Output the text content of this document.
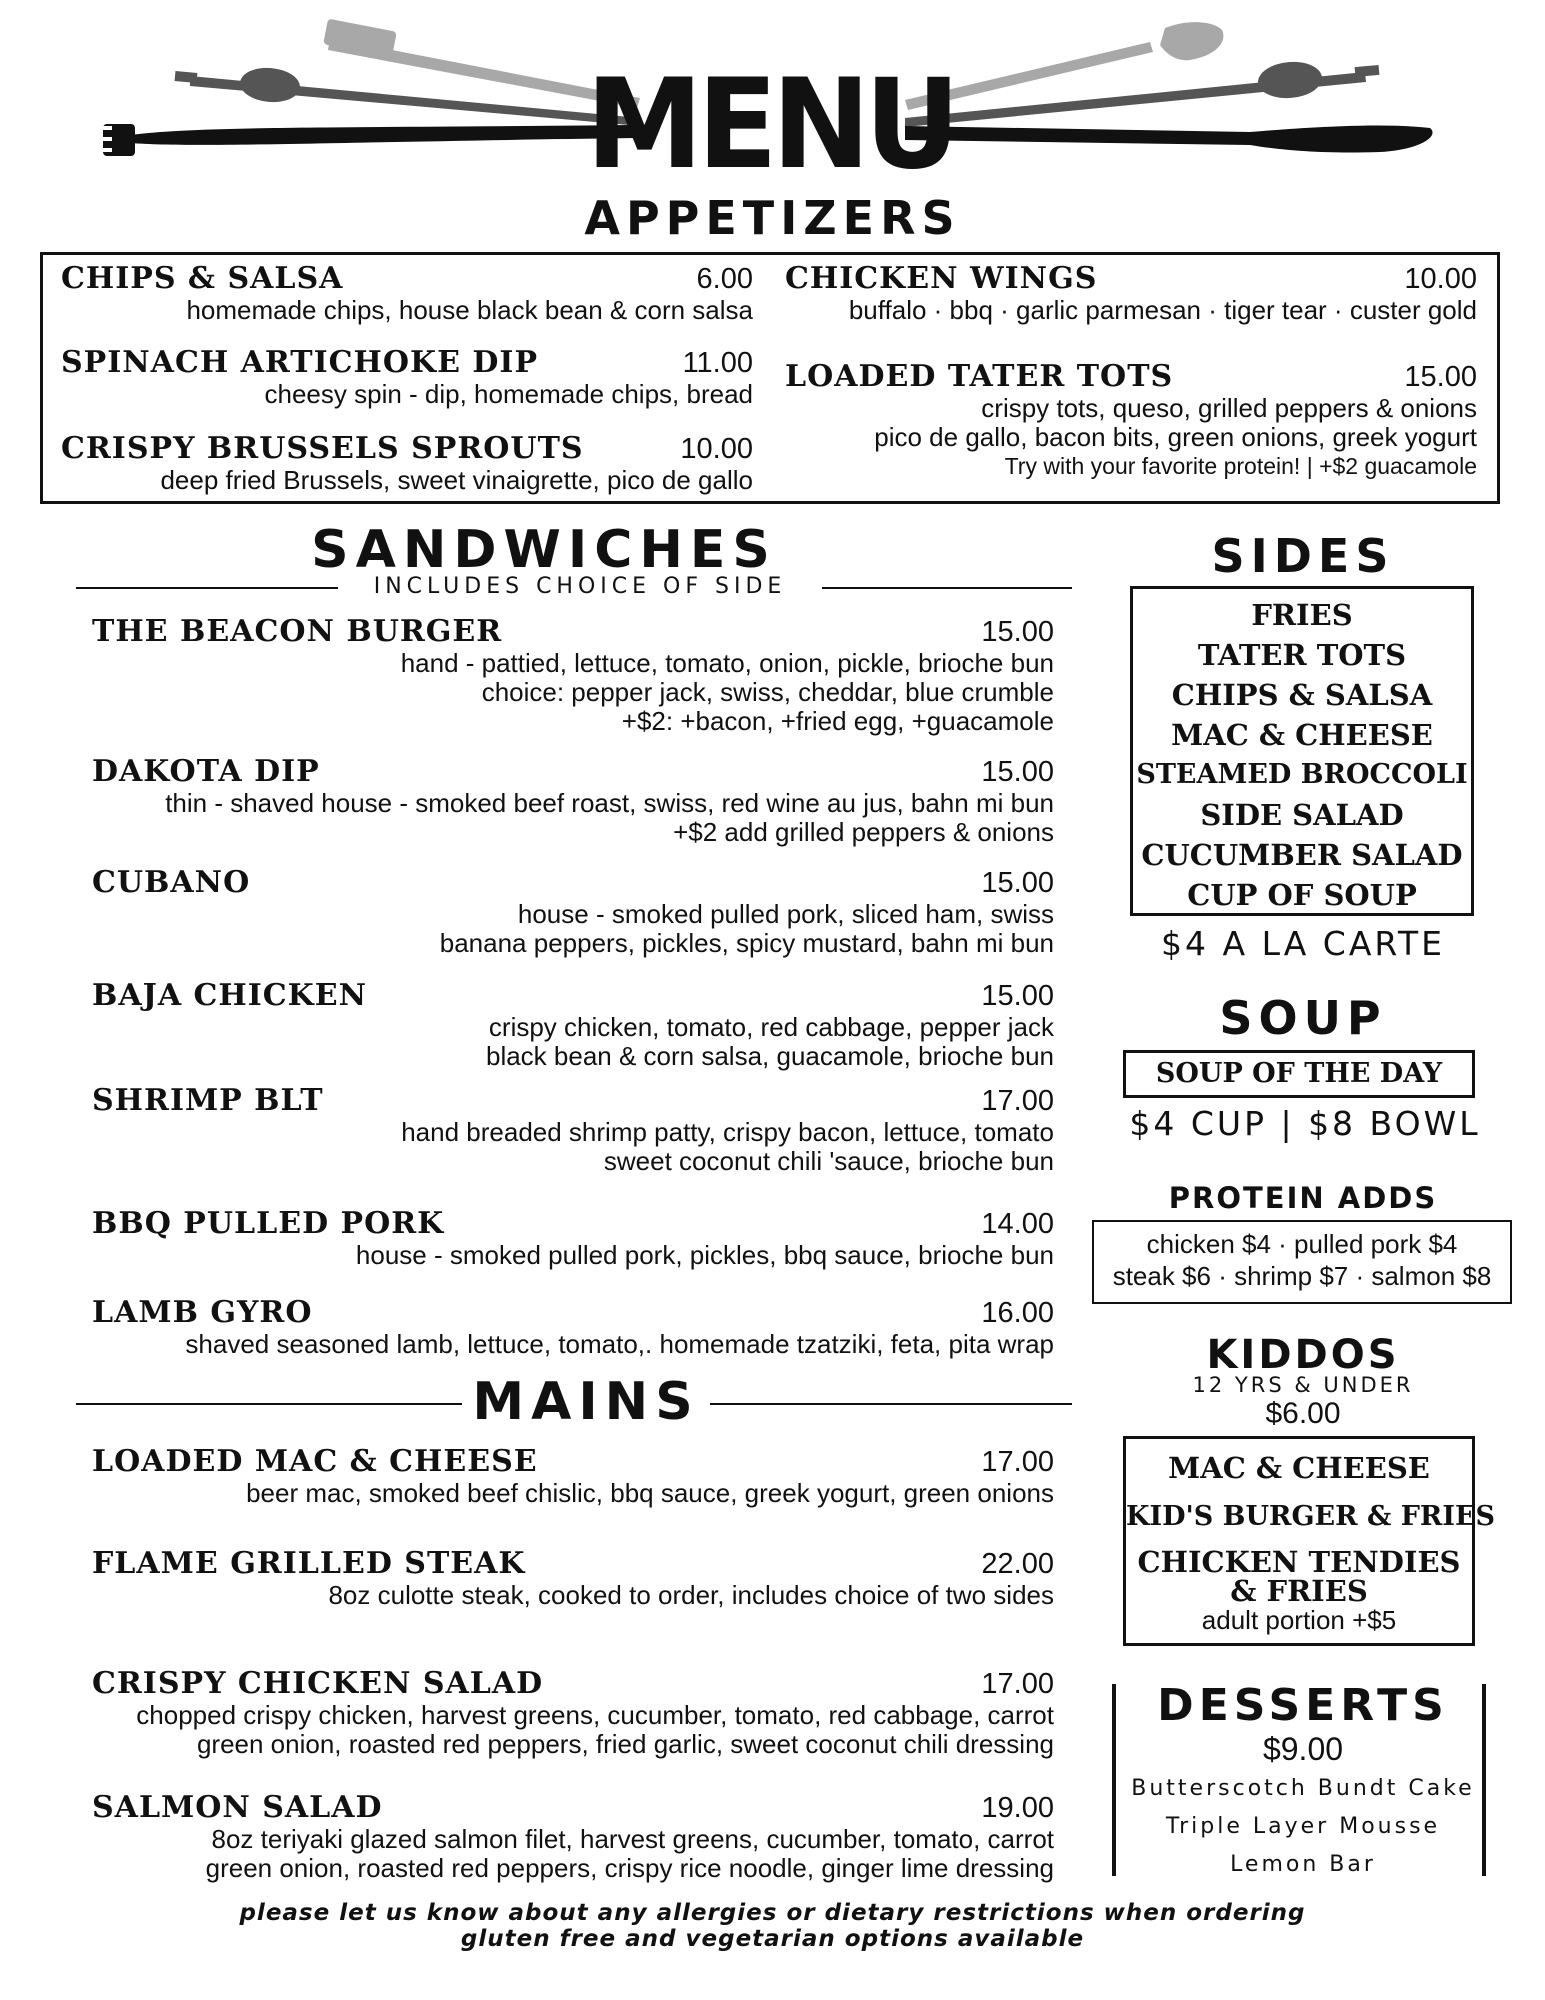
MENU
APPETIZERS
CHIPS & SALSA	6.00
homemade chips, house black bean & corn salsa
SPINACH ARTICHOKE DIP	11.00
cheesy spin - dip, homemade chips, bread
CRISPY BRUSSELS SPROUTS	10.00
deep fried Brussels, sweet vinaigrette, pico de gallo
CHICKEN WINGS	10.00
buffalo · bbq · garlic parmesan · tiger tear · custer gold
LOADED TATER TOTS	15.00
crispy tots, queso, grilled peppers & onions
pico de gallo, bacon bits, green onions, greek yogurt
Try with your favorite protein! | +$2 guacamole
SANDWICHES
INCLUDES CHOICE OF SIDE
THE BEACON BURGER	15.00
hand - pattied, lettuce, tomato, onion, pickle, brioche bun
choice: pepper jack, swiss, cheddar, blue crumble
+$2: +bacon, +fried egg, +guacamole
DAKOTA DIP	15.00
thin - shaved house - smoked beef roast, swiss, red wine au jus, bahn mi bun
+$2 add grilled peppers & onions
CUBANO	15.00
house - smoked pulled pork, sliced ham, swiss
banana peppers, pickles, spicy mustard, bahn mi bun
BAJA CHICKEN	15.00
crispy chicken, tomato, red cabbage, pepper jack
black bean & corn salsa, guacamole, brioche bun
SHRIMP BLT	17.00
hand breaded shrimp patty, crispy bacon, lettuce, tomato
sweet coconut chili 'sauce, brioche bun
BBQ PULLED PORK	14.00
house - smoked pulled pork, pickles, bbq sauce, brioche bun
LAMB GYRO	16.00
shaved seasoned lamb, lettuce, tomato,. homemade tzatziki, feta, pita wrap
MAINS
LOADED MAC & CHEESE	17.00
beer mac, smoked beef chislic, bbq sauce, greek yogurt, green onions
FLAME GRILLED STEAK	22.00
8oz culotte steak, cooked to order, includes choice of two sides
CRISPY CHICKEN SALAD	17.00
chopped crispy chicken, harvest greens, cucumber, tomato, red cabbage, carrot
green onion, roasted red peppers, fried garlic, sweet coconut chili dressing
SALMON SALAD	19.00
8oz teriyaki glazed salmon filet, harvest greens, cucumber, tomato, carrot
green onion, roasted red peppers, crispy rice noodle, ginger lime dressing
SIDES
FRIES
TATER TOTS
CHIPS & SALSA
MAC & CHEESE
STEAMED BROCCOLI
SIDE SALAD
CUCUMBER SALAD
CUP OF SOUP
$4 A LA CARTE
SOUP
SOUP OF THE DAY
$4 CUP | $8 BOWL
PROTEIN ADDS
chicken $4 · pulled pork $4
steak $6 · shrimp $7 · salmon $8
KIDDOS
12 YRS & UNDER
$6.00
MAC & CHEESE
KID'S BURGER & FRIES
CHICKEN TENDIES
& FRIES
adult portion +$5
DESSERTS
$9.00
Butterscotch Bundt Cake
Triple Layer Mousse
Lemon Bar
please let us know about any allergies or dietary restrictions when ordering
gluten free and vegetarian options available
